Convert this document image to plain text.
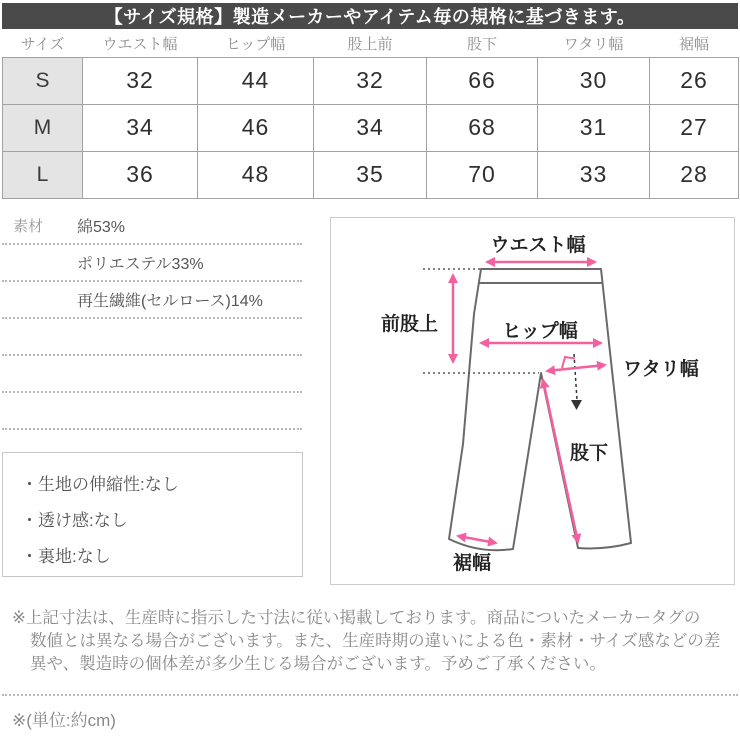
【サイズ規格】製造メーカーやアイテム毎の規格に基づきます。
サイズ	ウエスト幅	ヒップ幅	股上前	股下	ワタリ幅	裾幅
S	32	44	32	66	30	26
M	34	46	34	68	31	27
L	36	48	35	70	33	28
素材	綿53%
ポリエステル33%
再生繊維(セルロース)14%
・生地の伸縮性:なし
・透け感:なし
・裏地:なし
ウエスト幅
前股上	ヒップ幅
ワタリ幅
股下
裾幅
※上記寸法は、生産時に指示した寸法に従い掲載しております。商品についたメーカータグの
数値とは異なる場合がございます。また、生産時期の違いによる色・素材・サイズ感などの差
異や、製造時の個体差が多少生じる場合がございます。予めご了承ください。
※(単位:約cm)
